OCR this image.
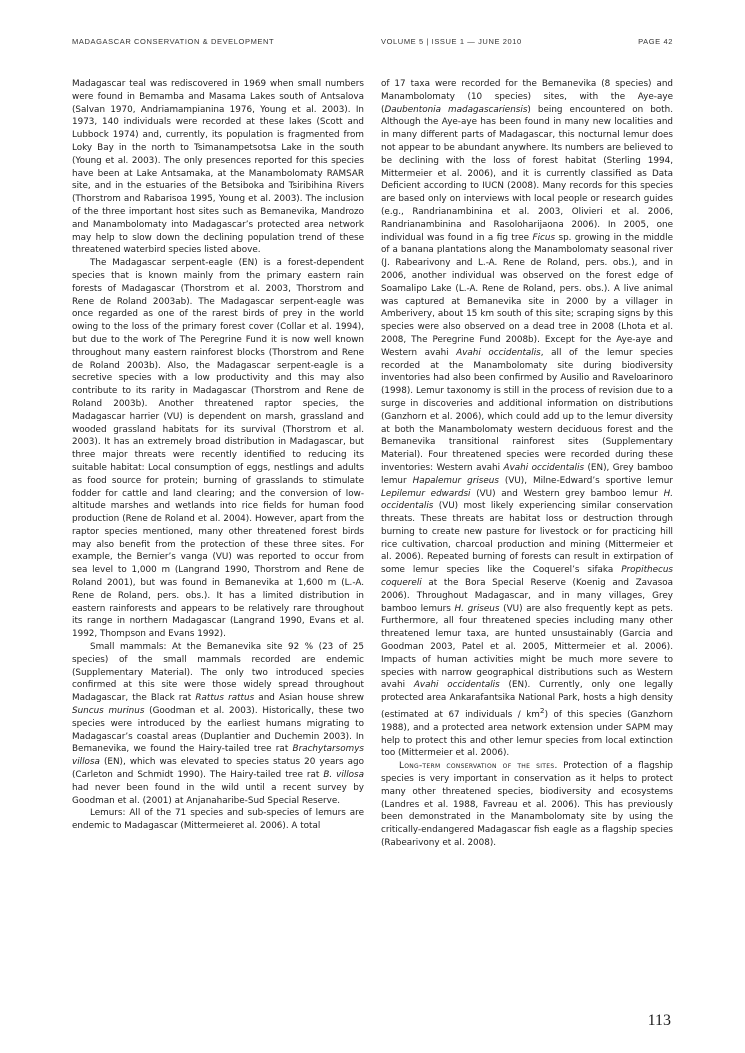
MADAGASCAR CONSERVATION & DEVELOPMENT	VOLUME 5 | ISSUE 1 — JUNE 2010	PAGE 42

Madagascar teal was rediscovered in 1969 when small numbers were found in Bemamba and Masama Lakes south of Antsalova (Salvan 1970, Andriamampianina 1976, Young et al. 2003). In 1973, 140 individuals were recorded at these lakes (Scott and Lubbock 1974) and, currently, its population is fragmented from Loky Bay in the north to Tsimanampetsotsa Lake in the south (Young et al. 2003). The only presences reported for this species have been at Lake Antsamaka, at the Manambolomaty RAMSAR site, and in the estuaries of the Betsiboka and Tsiribihina Rivers (Thorstrom and Rabarisoa 1995, Young et al. 2003). The inclusion of the three important host sites such as Bemanevika, Mandrozo and Manambolomaty into Madagascar’s protected area network may help to slow down the declining population trend of these threatened waterbird species listed above.

The Madagascar serpent-eagle (EN) is a forest-dependent species that is known mainly from the primary eastern rain forests of Madagascar (Thorstrom et al. 2003, Thorstrom and Rene de Roland 2003ab). The Madagascar serpent-eagle was once regarded as one of the rarest birds of prey in the world owing to the loss of the primary forest cover (Collar et al. 1994), but due to the work of The Peregrine Fund it is now well known throughout many eastern rainforest blocks (Thorstrom and Rene de Roland 2003b). Also, the Madagascar serpent-eagle is a secretive species with a low productivity and this may also contribute to its rarity in Madagascar (Thorstrom and Rene de Roland 2003b). Another threatened raptor species, the Madagascar harrier (VU) is dependent on marsh, grassland and wooded grassland habitats for its survival (Thorstrom et al. 2003). It has an extremely broad distribution in Madagascar, but three major threats were recently identified to reducing its suitable habitat: Local consumption of eggs, nestlings and adults as food source for protein; burning of grasslands to stimulate fodder for cattle and land clearing; and the conversion of low-altitude marshes and wetlands into rice fields for human food production (Rene de Roland et al. 2004). However, apart from the raptor species mentioned, many other threatened forest birds may also benefit from the protection of these three sites. For example, the Bernier’s vanga (VU) was reported to occur from sea level to 1,000 m (Langrand 1990, Thorstrom and Rene de Roland 2001), but was found in Bemanevika at 1,600 m (L.-A. Rene de Roland, pers. obs.). It has a limited distribution in eastern rainforests and appears to be relatively rare throughout its range in northern Madagascar (Langrand 1990, Evans et al. 1992, Thompson and Evans 1992).

Small mammals: At the Bemanevika site 92 % (23 of 25 species) of the small mammals recorded are endemic (Supplementary Material). The only two introduced species confirmed at this site were those widely spread throughout Madagascar, the Black rat Rattus rattus and Asian house shrew Suncus murinus (Goodman et al. 2003). Historically, these two species were introduced by the earliest humans migrating to Madagascar’s coastal areas (Duplantier and Duchemin 2003). In Bemanevika, we found the Hairy-tailed tree rat Brachytarsomys villosa (EN), which was elevated to species status 20 years ago (Carleton and Schmidt 1990). The Hairy-tailed tree rat B. villosa had never been found in the wild until a recent survey by Goodman et al. (2001) at Anjanaharibe-Sud Special Reserve.

Lemurs: All of the 71 species and sub-species of lemurs are endemic to Madagascar (Mittermeieret al. 2006). A total

of 17 taxa were recorded for the Bemanevika (8 species) and Manambolomaty (10 species) sites, with the Aye-aye (Daubentonia madagascariensis) being encountered on both. Although the Aye-aye has been found in many new localities and in many different parts of Madagascar, this nocturnal lemur does not appear to be abundant anywhere. Its numbers are believed to be declining with the loss of forest habitat (Sterling 1994, Mittermeier et al. 2006), and it is currently classified as Data Deficient according to IUCN (2008). Many records for this species are based only on interviews with local people or research guides (e.g., Randrianambinina et al. 2003, Olivieri et al. 2006, Randrianambinina and Rasoloharijaona 2006). In 2005, one individual was found in a fig tree Ficus sp. growing in the middle of a banana plantations along the Manambolomaty seasonal river (J. Rabearivony and L.-A. Rene de Roland, pers. obs.), and in 2006, another individual was observed on the forest edge of Soamalipo Lake (L.-A. Rene de Roland, pers. obs.). A live animal was captured at Bemanevika site in 2000 by a villager in Amberivery, about 15 km south of this site; scraping signs by this species were also observed on a dead tree in 2008 (Lhota et al. 2008, The Peregrine Fund 2008b). Except for the Aye-aye and Western avahi Avahi occidentalis, all of the lemur species recorded at the Manambolomaty site during biodiversity inventories had also been confirmed by Ausilio and Raveloarinoro (1998). Lemur taxonomy is still in the process of revision due to a surge in discoveries and additional information on distributions (Ganzhorn et al. 2006), which could add up to the lemur diversity at both the Manambolomaty western deciduous forest and the Bemanevika transitional rainforest sites (Supplementary Material). Four threatened species were recorded during these inventories: Western avahi Avahi occidentalis (EN), Grey bamboo lemur Hapalemur griseus (VU), Milne-Edward’s sportive lemur Lepilemur edwardsi (VU) and Western grey bamboo lemur H. occidentalis (VU) most likely experiencing similar conservation threats. These threats are habitat loss or destruction through burning to create new pasture for livestock or for practicing hill rice cultivation, charcoal production and mining (Mittermeier et al. 2006). Repeated burning of forests can result in extirpation of some lemur species like the Coquerel’s sifaka Propithecus coquereli at the Bora Special Reserve (Koenig and Zavasoa 2006). Throughout Madagascar, and in many villages, Grey bamboo lemurs H. griseus (VU) are also frequently kept as pets. Furthermore, all four threatened species including many other threatened lemur taxa, are hunted unsustainably (Garcia and Goodman 2003, Patel et al. 2005, Mittermeier et al. 2006). Impacts of human activities might be much more severe to species with narrow geographical distributions such as Western avahi Avahi occidentalis (EN). Currently, only one legally protected area Ankarafantsika National Park, hosts a high density (estimated at 67 individuals / $km^2$) of this species (Ganzhorn 1988), and a protected area network extension under SAPM may help to protect this and other lemur species from local extinction too (Mittermeier et al. 2006).

Long-term conservation of the sites. Protection of a flagship species is very important in conservation as it helps to protect many other threatened species, biodiversity and ecosystems (Landres et al. 1988, Favreau et al. 2006). This has previously been demonstrated in the Manambolomaty site by using the critically-endangered Madagascar fish eagle as a flagship species (Rabearivony et al. 2008).

113
